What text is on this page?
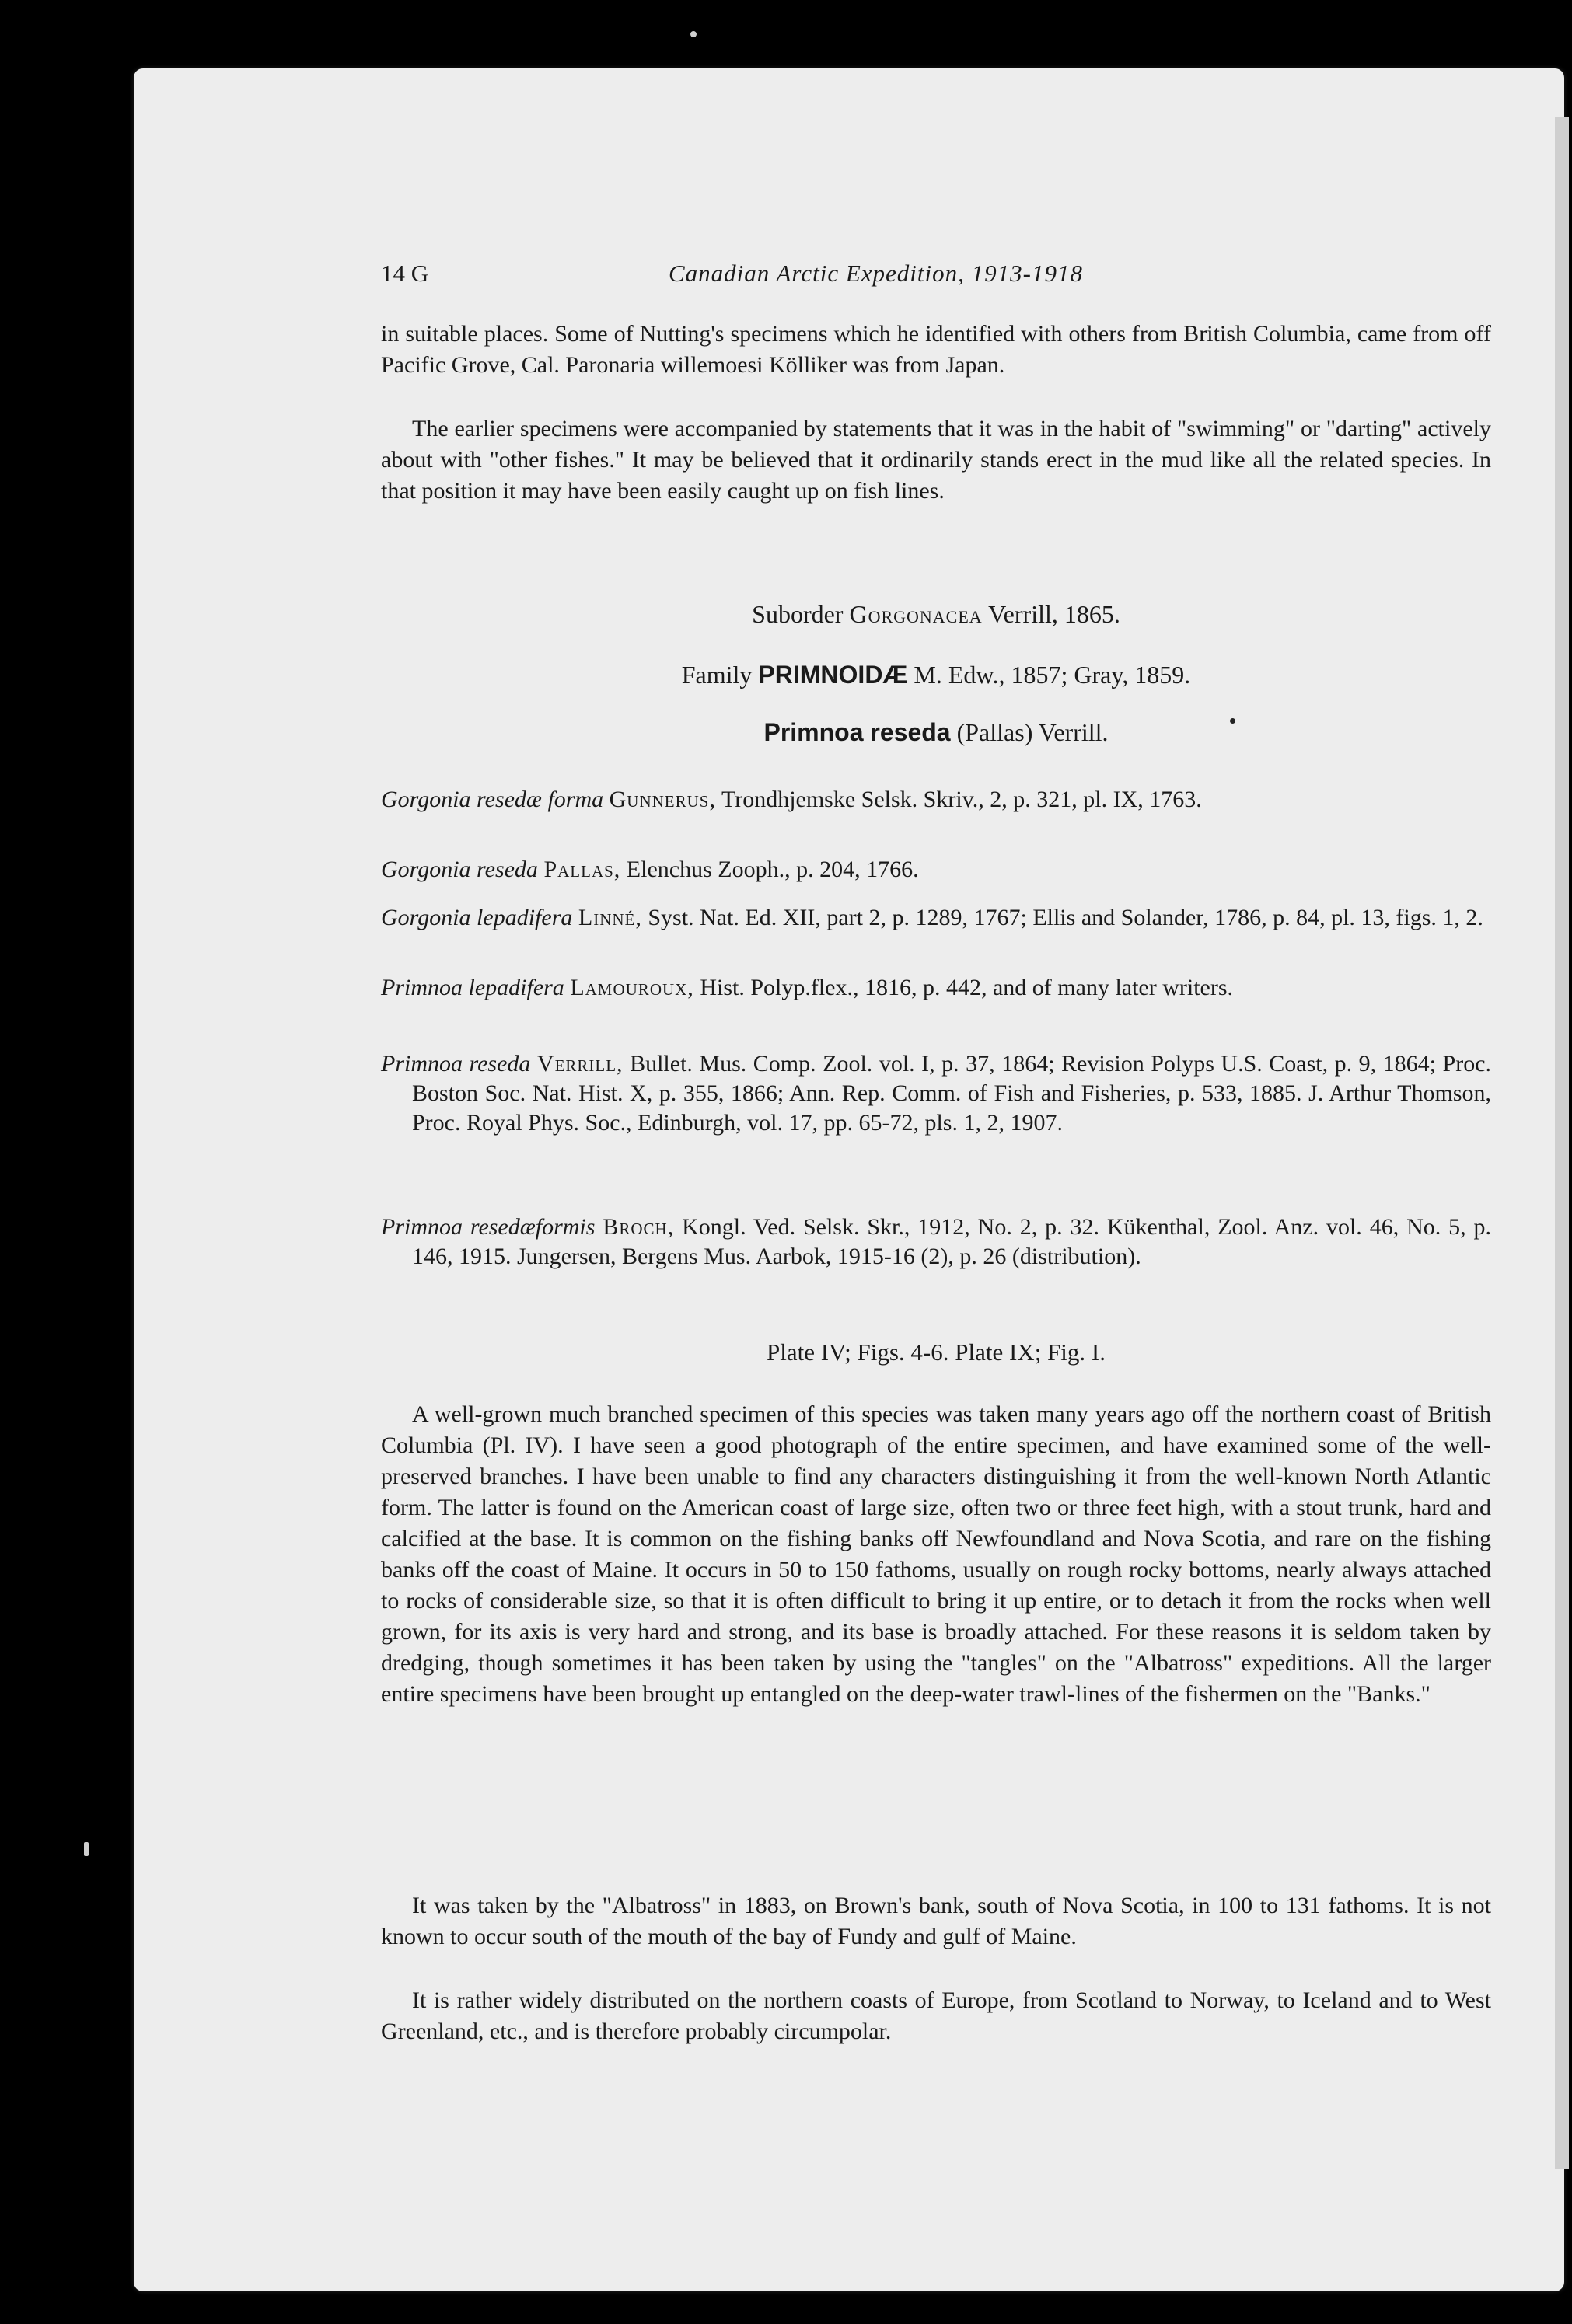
14 G	Canadian Arctic Expedition, 1913-1918

in suitable places. Some of Nutting's specimens which he identified with others from British Columbia, came from off Pacific Grove, Cal. Paronaria willemoesi Kölliker was from Japan.

The earlier specimens were accompanied by statements that it was in the habit of "swimming" or "darting" actively about with "other fishes." It may be believed that it ordinarily stands erect in the mud like all the related species. In that position it may have been easily caught up on fish lines.

Suborder Gorgonacea Verrill, 1865.

Family PRIMNOIDÆ M. Edw., 1857; Gray, 1859.

Primnoa reseda (Pallas) Verrill.

Gorgonia resedæ forma Gunnerus, Trondhjemske Selsk. Skriv., 2, p. 321, pl. IX, 1763.

Gorgonia reseda Pallas, Elenchus Zooph., p. 204, 1766.

Gorgonia lepadifera Linné, Syst. Nat. Ed. XII, part 2, p. 1289, 1767; Ellis and Solander, 1786, p. 84, pl. 13, figs. 1, 2.

Primnoa lepadifera Lamouroux, Hist. Polyp.flex., 1816, p. 442, and of many later writers.

Primnoa reseda Verrill, Bullet. Mus. Comp. Zool. vol. I, p. 37, 1864; Revision Polyps U.S. Coast, p. 9, 1864; Proc. Boston Soc. Nat. Hist. X, p. 355, 1866; Ann. Rep. Comm. of Fish and Fisheries, p. 533, 1885. J. Arthur Thomson, Proc. Royal Phys. Soc., Edinburgh, vol. 17, pp. 65-72, pls. 1, 2, 1907.

Primnoa resedæformis Broch, Kongl. Ved. Selsk. Skr., 1912, No. 2, p. 32. Kükenthal, Zool. Anz. vol. 46, No. 5, p. 146, 1915. Jungersen, Bergens Mus. Aarbok, 1915-16 (2), p. 26 (distribution).

Plate IV; Figs. 4-6. Plate IX; Fig. I.

A well-grown much branched specimen of this species was taken many years ago off the northern coast of British Columbia (Pl. IV). I have seen a good photograph of the entire specimen, and have examined some of the well-preserved branches. I have been unable to find any characters distinguishing it from the well-known North Atlantic form. The latter is found on the American coast of large size, often two or three feet high, with a stout trunk, hard and calcified at the base. It is common on the fishing banks off Newfoundland and Nova Scotia, and rare on the fishing banks off the coast of Maine. It occurs in 50 to 150 fathoms, usually on rough rocky bottoms, nearly always attached to rocks of considerable size, so that it is often difficult to bring it up entire, or to detach it from the rocks when well grown, for its axis is very hard and strong, and its base is broadly attached. For these reasons it is seldom taken by dredging, though sometimes it has been taken by using the "tangles" on the "Albatross" expeditions. All the larger entire specimens have been brought up entangled on the deep-water trawl-lines of the fishermen on the "Banks."

It was taken by the "Albatross" in 1883, on Brown's bank, south of Nova Scotia, in 100 to 131 fathoms. It is not known to occur south of the mouth of the bay of Fundy and gulf of Maine.

It is rather widely distributed on the northern coasts of Europe, from Scotland to Norway, to Iceland and to West Greenland, etc., and is therefore probably circumpolar.
